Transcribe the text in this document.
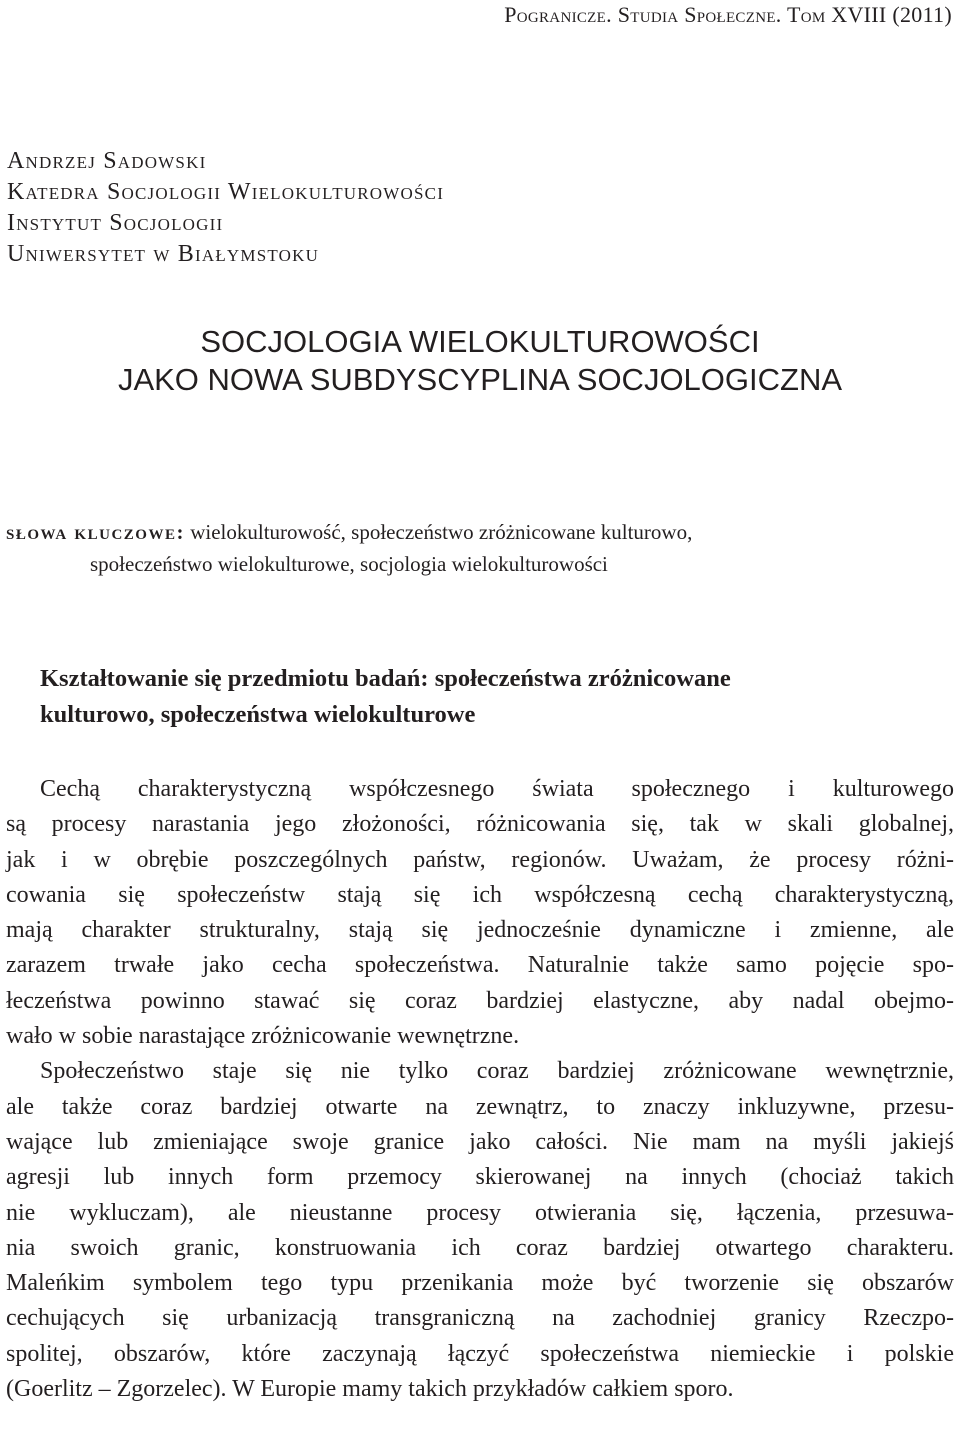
Pogranicze. Studia Społeczne. Tom XVIII (2011)
Andrzej Sadowski
Katedra Socjologii Wielokulturowości
Instytut Socjologii
Uniwersytet w Białymstoku
SOCJOLOGIA WIELOKULTUROWOŚCI
JAKO NOWA SUBDYSCYPLINA SOCJOLOGICZNA
słowa kluczowe: wielokulturowość, społeczeństwo zróżnicowane kulturowo,
społeczeństwo wielokulturowe, socjologia wielokulturowości
Kształtowanie się przedmiotu badań: społeczeństwa zróżnicowane
kulturowo, społeczeństwa wielokulturowe
Cechą charakterystyczną współczesnego świata społecznego i kulturowego
są procesy narastania jego złożoności, różnicowania się, tak w skali globalnej,
jak i w obrębie poszczególnych państw, regionów. Uważam, że procesy różni-
cowania się społeczeństw stają się ich współczesną cechą charakterystyczną,
mają charakter strukturalny, stają się jednocześnie dynamiczne i zmienne, ale
zarazem trwałe jako cecha społeczeństwa. Naturalnie także samo pojęcie spo-
łeczeństwa powinno stawać się coraz bardziej elastyczne, aby nadal obejmo-
wało w sobie narastające zróżnicowanie wewnętrzne.
Społeczeństwo staje się nie tylko coraz bardziej zróżnicowane wewnętrznie,
ale także coraz bardziej otwarte na zewnątrz, to znaczy inkluzywne, przesu-
wające lub zmieniające swoje granice jako całości. Nie mam na myśli jakiejś
agresji lub innych form przemocy skierowanej na innych (chociaż takich
nie wykluczam), ale nieustanne procesy otwierania się, łączenia, przesuwa-
nia swoich granic, konstruowania ich coraz bardziej otwartego charakteru.
Maleńkim symbolem tego typu przenikania może być tworzenie się obszarów
cechujących się urbanizacją transgraniczną na zachodniej granicy Rzeczpo-
spolitej, obszarów, które zaczynają łączyć społeczeństwa niemieckie i polskie
(Goerlitz – Zgorzelec). W Europie mamy takich przykładów całkiem sporo.
